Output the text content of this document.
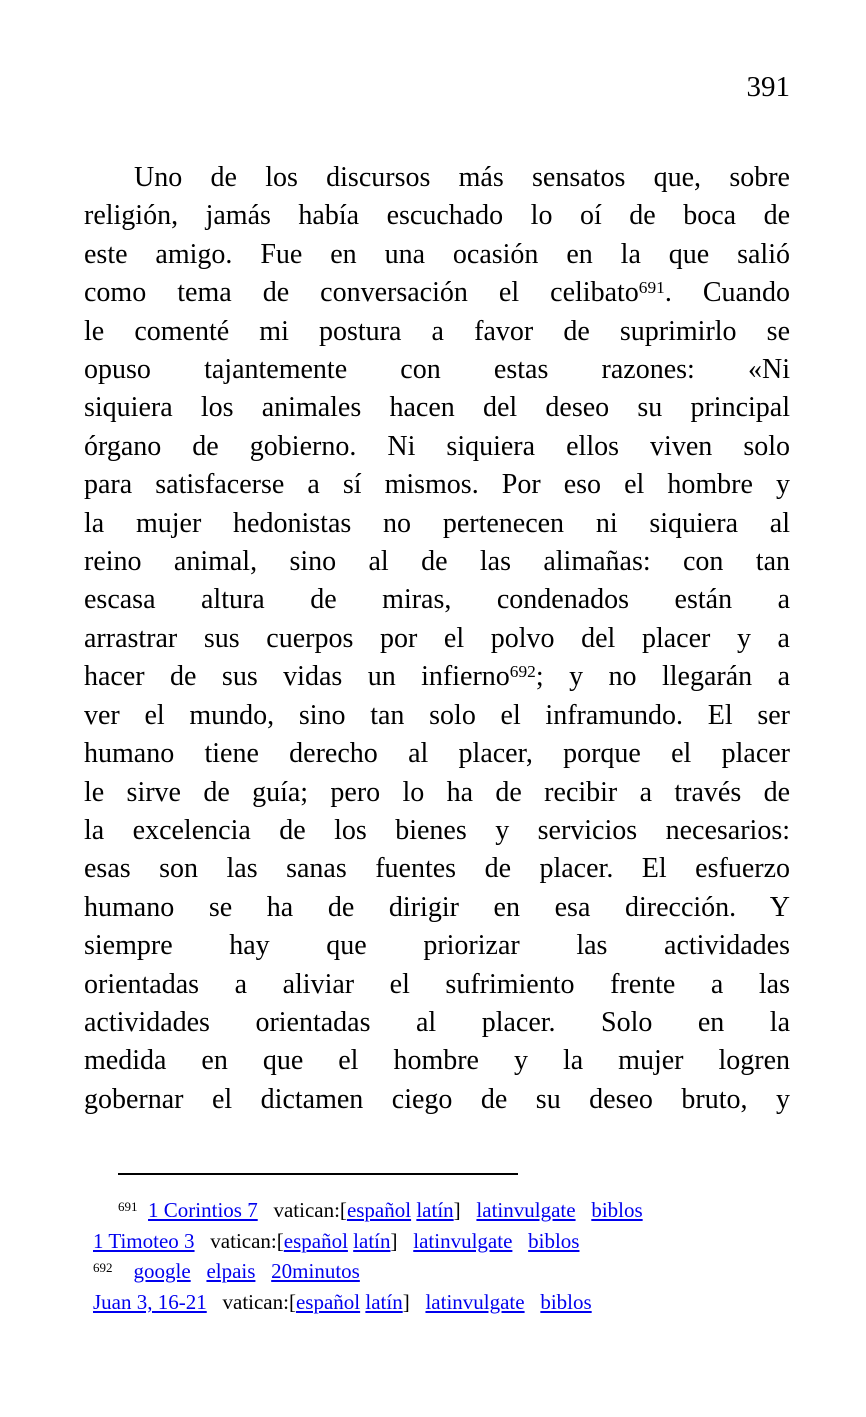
391
Uno de los discursos más sensatos que, sobre
religión, jamás había escuchado lo oí de boca de
este amigo. Fue en una ocasión en la que salió
como tema de conversación el celibato$^{691}$. Cuando
le comenté mi postura a favor de suprimirlo se
opuso tajantemente con estas razones: «Ni
siquiera los animales hacen del deseo su principal
órgano de gobierno. Ni siquiera ellos viven solo
para satisfacerse a sí mismos. Por eso el hombre y
la mujer hedonistas no pertenecen ni siquiera al
reino animal, sino al de las alimañas: con tan
escasa altura de miras, condenados están a
arrastrar sus cuerpos por el polvo del placer y a
hacer de sus vidas un infierno$^{692}$; y no llegarán a
ver el mundo, sino tan solo el inframundo. El ser
humano tiene derecho al placer, porque el placer
le sirve de guía; pero lo ha de recibir a través de
la excelencia de los bienes y servicios necesarios:
esas son las sanas fuentes de placer. El esfuerzo
humano se ha de dirigir en esa dirección. Y
siempre hay que priorizar las actividades
orientadas a aliviar el sufrimiento frente a las
actividades orientadas al placer. Solo en la
medida en que el hombre y la mujer logren
gobernar el dictamen ciego de su deseo bruto, y
$^{691}$ 1 Corintios 7 vatican:[español latín] latinvulgate biblos
1 Timoteo 3 vatican:[español latín] latinvulgate biblos
$^{692}$ google elpais 20minutos
Juan 3, 16-21 vatican:[español latín] latinvulgate biblos
